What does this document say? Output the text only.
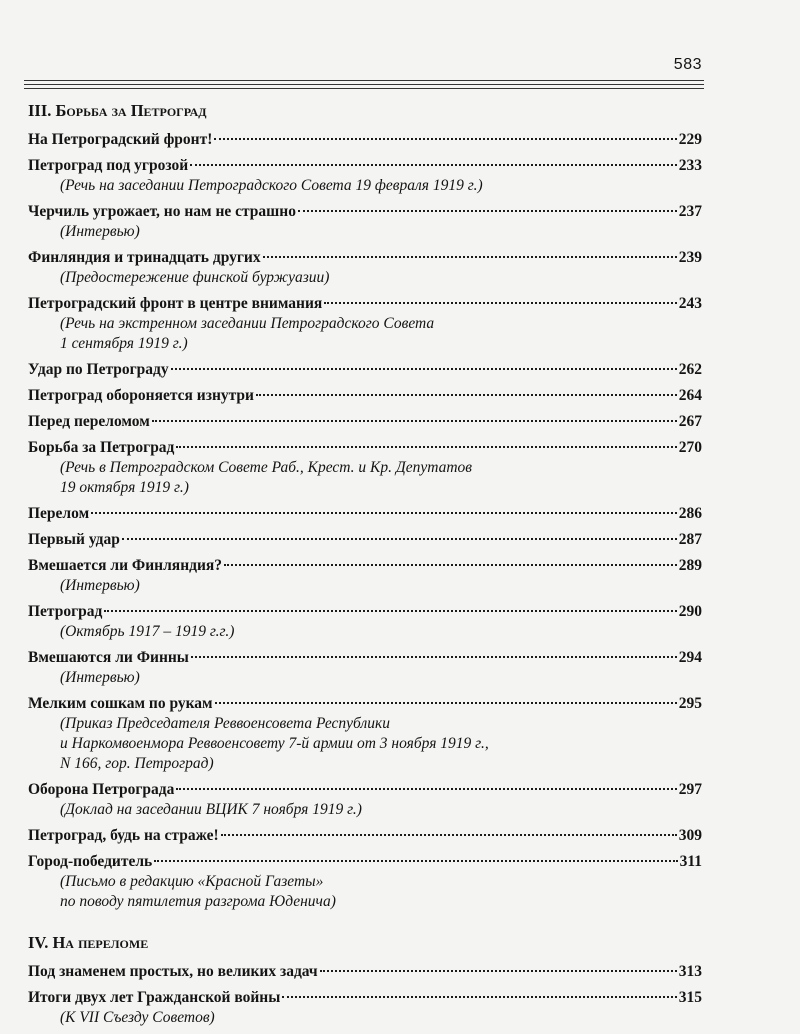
583
III. Борьба за Петроград
На Петроградский фронт!	229
Петроград под угрозой	233
(Речь на заседании Петроградского Совета 19 февраля 1919 г.)
Черчиль угрожает, но нам не страшно	237
(Интервью)
Финляндия и тринадцать других	239
(Предостережение финской буржуазии)
Петроградский фронт в центре внимания	243
(Речь на экстренном заседании Петроградского Совета
1 сентября 1919 г.)
Удар по Петрограду	262
Петроград обороняется изнутри	264
Перед переломом	267
Борьба за Петроград	270
(Речь в Петроградском Совете Раб., Крест. и Кр. Депутатов
19 октября 1919 г.)
Перелом	286
Первый удар	287
Вмешается ли Финляндия?	289
(Интервью)
Петроград	290
(Октябрь 1917 – 1919 г.г.)
Вмешаются ли Финны	294
(Интервью)
Мелким сошкам по рукам	295
(Приказ Председателя Реввоенсовета Республики
и Наркомвоенмора Реввоенсовету 7-й армии от 3 ноября 1919 г.,
N 166, гор. Петроград)
Оборона Петрограда	297
(Доклад на заседании ВЦИК 7 ноября 1919 г.)
Петроград, будь на страже!	309
Город-победитель	311
(Письмо в редакцию «Красной Газеты»
по поводу пятилетия разгрома Юденича)
IV. На переломе
Под знаменем простых, но великих задач	313
Итоги двух лет Гражданской войны	315
(К VII Съезду Советов)
